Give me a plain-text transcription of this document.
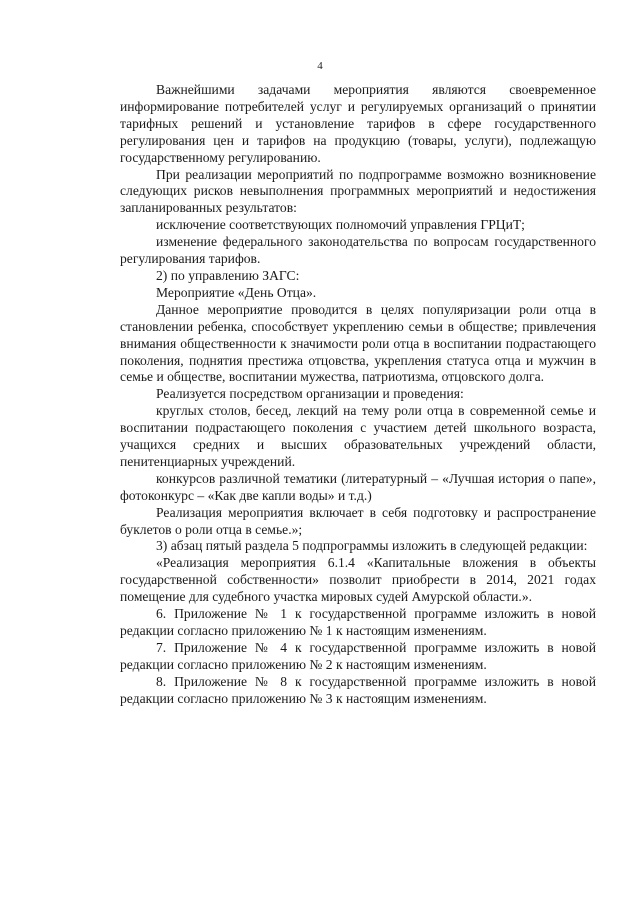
4

Важнейшими задачами мероприятия являются своевременное информирование потребителей услуг и регулируемых организаций о принятии тарифных решений и установление тарифов в сфере государственного регулирования цен и тарифов на продукцию (товары, услуги), подлежащую государственному регулированию.

При реализации мероприятий по подпрограмме возможно возникновение следующих рисков невыполнения программных мероприятий и недостижения запланированных результатов:

исключение соответствующих полномочий управления ГРЦиТ;

изменение федерального законодательства по вопросам государственного регулирования тарифов.

2) по управлению ЗАГС:

Мероприятие «День Отца».

Данное мероприятие проводится в целях популяризации роли отца в становлении ребенка, способствует укреплению семьи в обществе; привлечения внимания общественности к значимости роли отца в воспитании подрастающего поколения, поднятия престижа отцовства, укрепления статуса отца и мужчин в семье и обществе, воспитании мужества, патриотизма, отцовского долга.

Реализуется посредством организации и проведения:

круглых столов, бесед, лекций на тему роли отца в современной семье и воспитании подрастающего поколения с участием детей школьного возраста, учащихся средних и высших образовательных учреждений области, пенитенциарных учреждений.

конкурсов различной тематики (литературный – «Лучшая история о папе», фотоконкурс – «Как две капли воды» и т.д.)

Реализация мероприятия включает в себя подготовку и распространение буклетов о роли отца в семье.»;

3) абзац пятый раздела 5 подпрограммы изложить в следующей редакции:

«Реализация мероприятия 6.1.4 «Капитальные вложения в объекты государственной собственности» позволит приобрести в 2014, 2021 годах помещение для судебного участка мировых судей Амурской области.».

6. Приложение № 1 к государственной программе изложить в новой редакции согласно приложению № 1 к настоящим изменениям.

7. Приложение № 4 к государственной программе изложить в новой редакции согласно приложению № 2 к настоящим изменениям.

8. Приложение № 8 к государственной программе изложить в новой редакции согласно приложению № 3 к настоящим изменениям.
